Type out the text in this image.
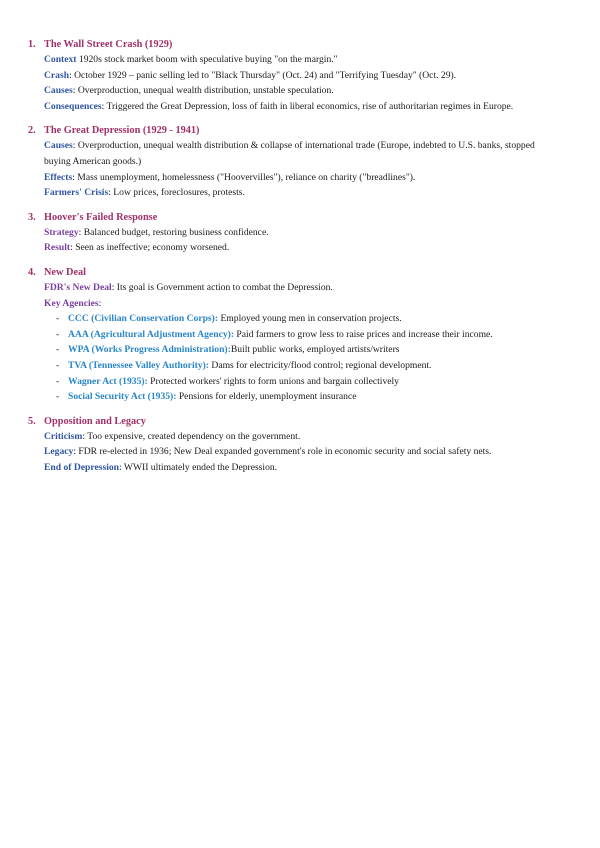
1. The Wall Street Crash (1929)
Context 1920s stock market boom with speculative buying "on the margin."
Crash: October 1929 – panic selling led to "Black Thursday" (Oct. 24) and "Terrifying Tuesday" (Oct. 29).
Causes: Overproduction, unequal wealth distribution, unstable speculation.
Consequences: Triggered the Great Depression, loss of faith in liberal economics, rise of authoritarian regimes in Europe.
2. The Great Depression (1929 - 1941)
Causes: Overproduction, unequal wealth distribution & collapse of international trade (Europe, indebted to U.S. banks, stopped buying American goods.)
Effects: Mass unemployment, homelessness ("Hoovervilles"), reliance on charity ("breadlines").
Farmers' Crisis: Low prices, foreclosures, protests.
3. Hoover's Failed Response
Strategy: Balanced budget, restoring business confidence.
Result: Seen as ineffective; economy worsened.
4. New Deal
FDR's New Deal: Its goal is Government action to combat the Depression.
Key Agencies:
- CCC (Civilian Conservation Corps): Employed young men in conservation projects.
- AAA (Agricultural Adjustment Agency): Paid farmers to grow less to raise prices and increase their income.
- WPA (Works Progress Administration):Built public works, employed artists/writers
- TVA (Tennessee Valley Authority): Dams for electricity/flood control; regional development.
- Wagner Act (1935): Protected workers' rights to form unions and bargain collectively
- Social Security Act (1935): Pensions for elderly, unemployment insurance
5. Opposition and Legacy
Criticism: Too expensive, created dependency on the government.
Legacy: FDR re-elected in 1936; New Deal expanded government's role in economic security and social safety nets.
End of Depression: WWII ultimately ended the Depression.
